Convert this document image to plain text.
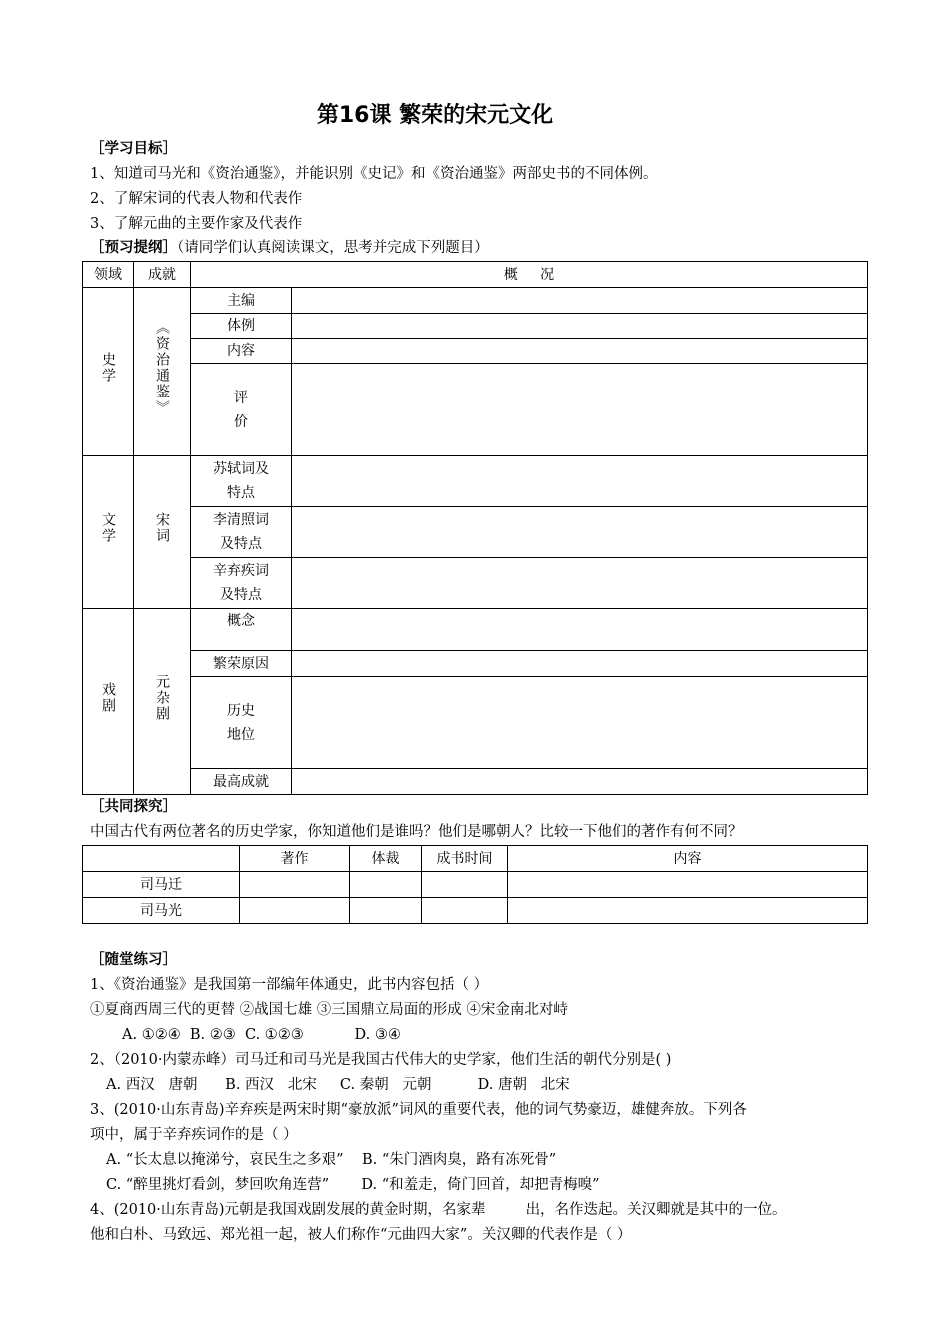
第16课 繁荣的宋元文化
［学习目标］
1、知道司马光和《资治通鉴》，并能识别《史记》和《资治通鉴》两部史书的不同体例。
2、了解宋词的代表人物和代表作
3、了解元曲的主要作家及代表作
［预习提纲］（请同学们认真阅读课文，思考并完成下列题目）
领域	成就	概     况	
史学	《资治通鉴》	主编	
		体例	
		内容	
		评
价	
文学	宋词	苏轼词及
特点	
		李清照词
及特点	
		辛弃疾词
及特点	
戏剧	元杂剧	概念	
		繁荣原因	
		历史
地位	
		最高成就	
［共同探究］
中国古代有两位著名的历史学家，你知道他们是谁吗？他们是哪朝人？比较一下他们的著作有何不同？
	著作	体裁	成书时间	内容
司马迁				
司马光				
［随堂练习］
1、《资治通鉴》是我国第一部编年体通史，此书内容包括（ ）
①夏商西周三代的更替 ②战国七雄 ③三国鼎立局面的形成 ④宋金南北对峙
A. ①②④  B. ②③  C. ①②③           D. ③④
2、（2010·内蒙赤峰）司马迁和司马光是我国古代伟大的史学家，他们生活的朝代分别是( )
A. 西汉   唐朝      B. 西汉   北宋     C. 秦朝   元朝          D. 唐朝   北宋
3、(2010·山东青岛)辛弃疾是两宋时期“豪放派”词风的重要代表，他的词气势豪迈，雄健奔放。下列各
项中，属于辛弃疾词作的是（ ）
A. “长太息以掩涕兮，哀民生之多艰”    B. “朱门酒肉臭，路有冻死骨”
C. “醉里挑灯看剑，梦回吹角连营”       D. “和羞走，倚门回首，却把青梅嗅”
4、(2010·山东青岛)元朝是我国戏剧发展的黄金时期，名家辈	出，名作迭起。关汉卿就是其中的一位。
他和白朴、马致远、郑光祖一起，被人们称作“元曲四大家”。关汉卿的代表作是（ ）
